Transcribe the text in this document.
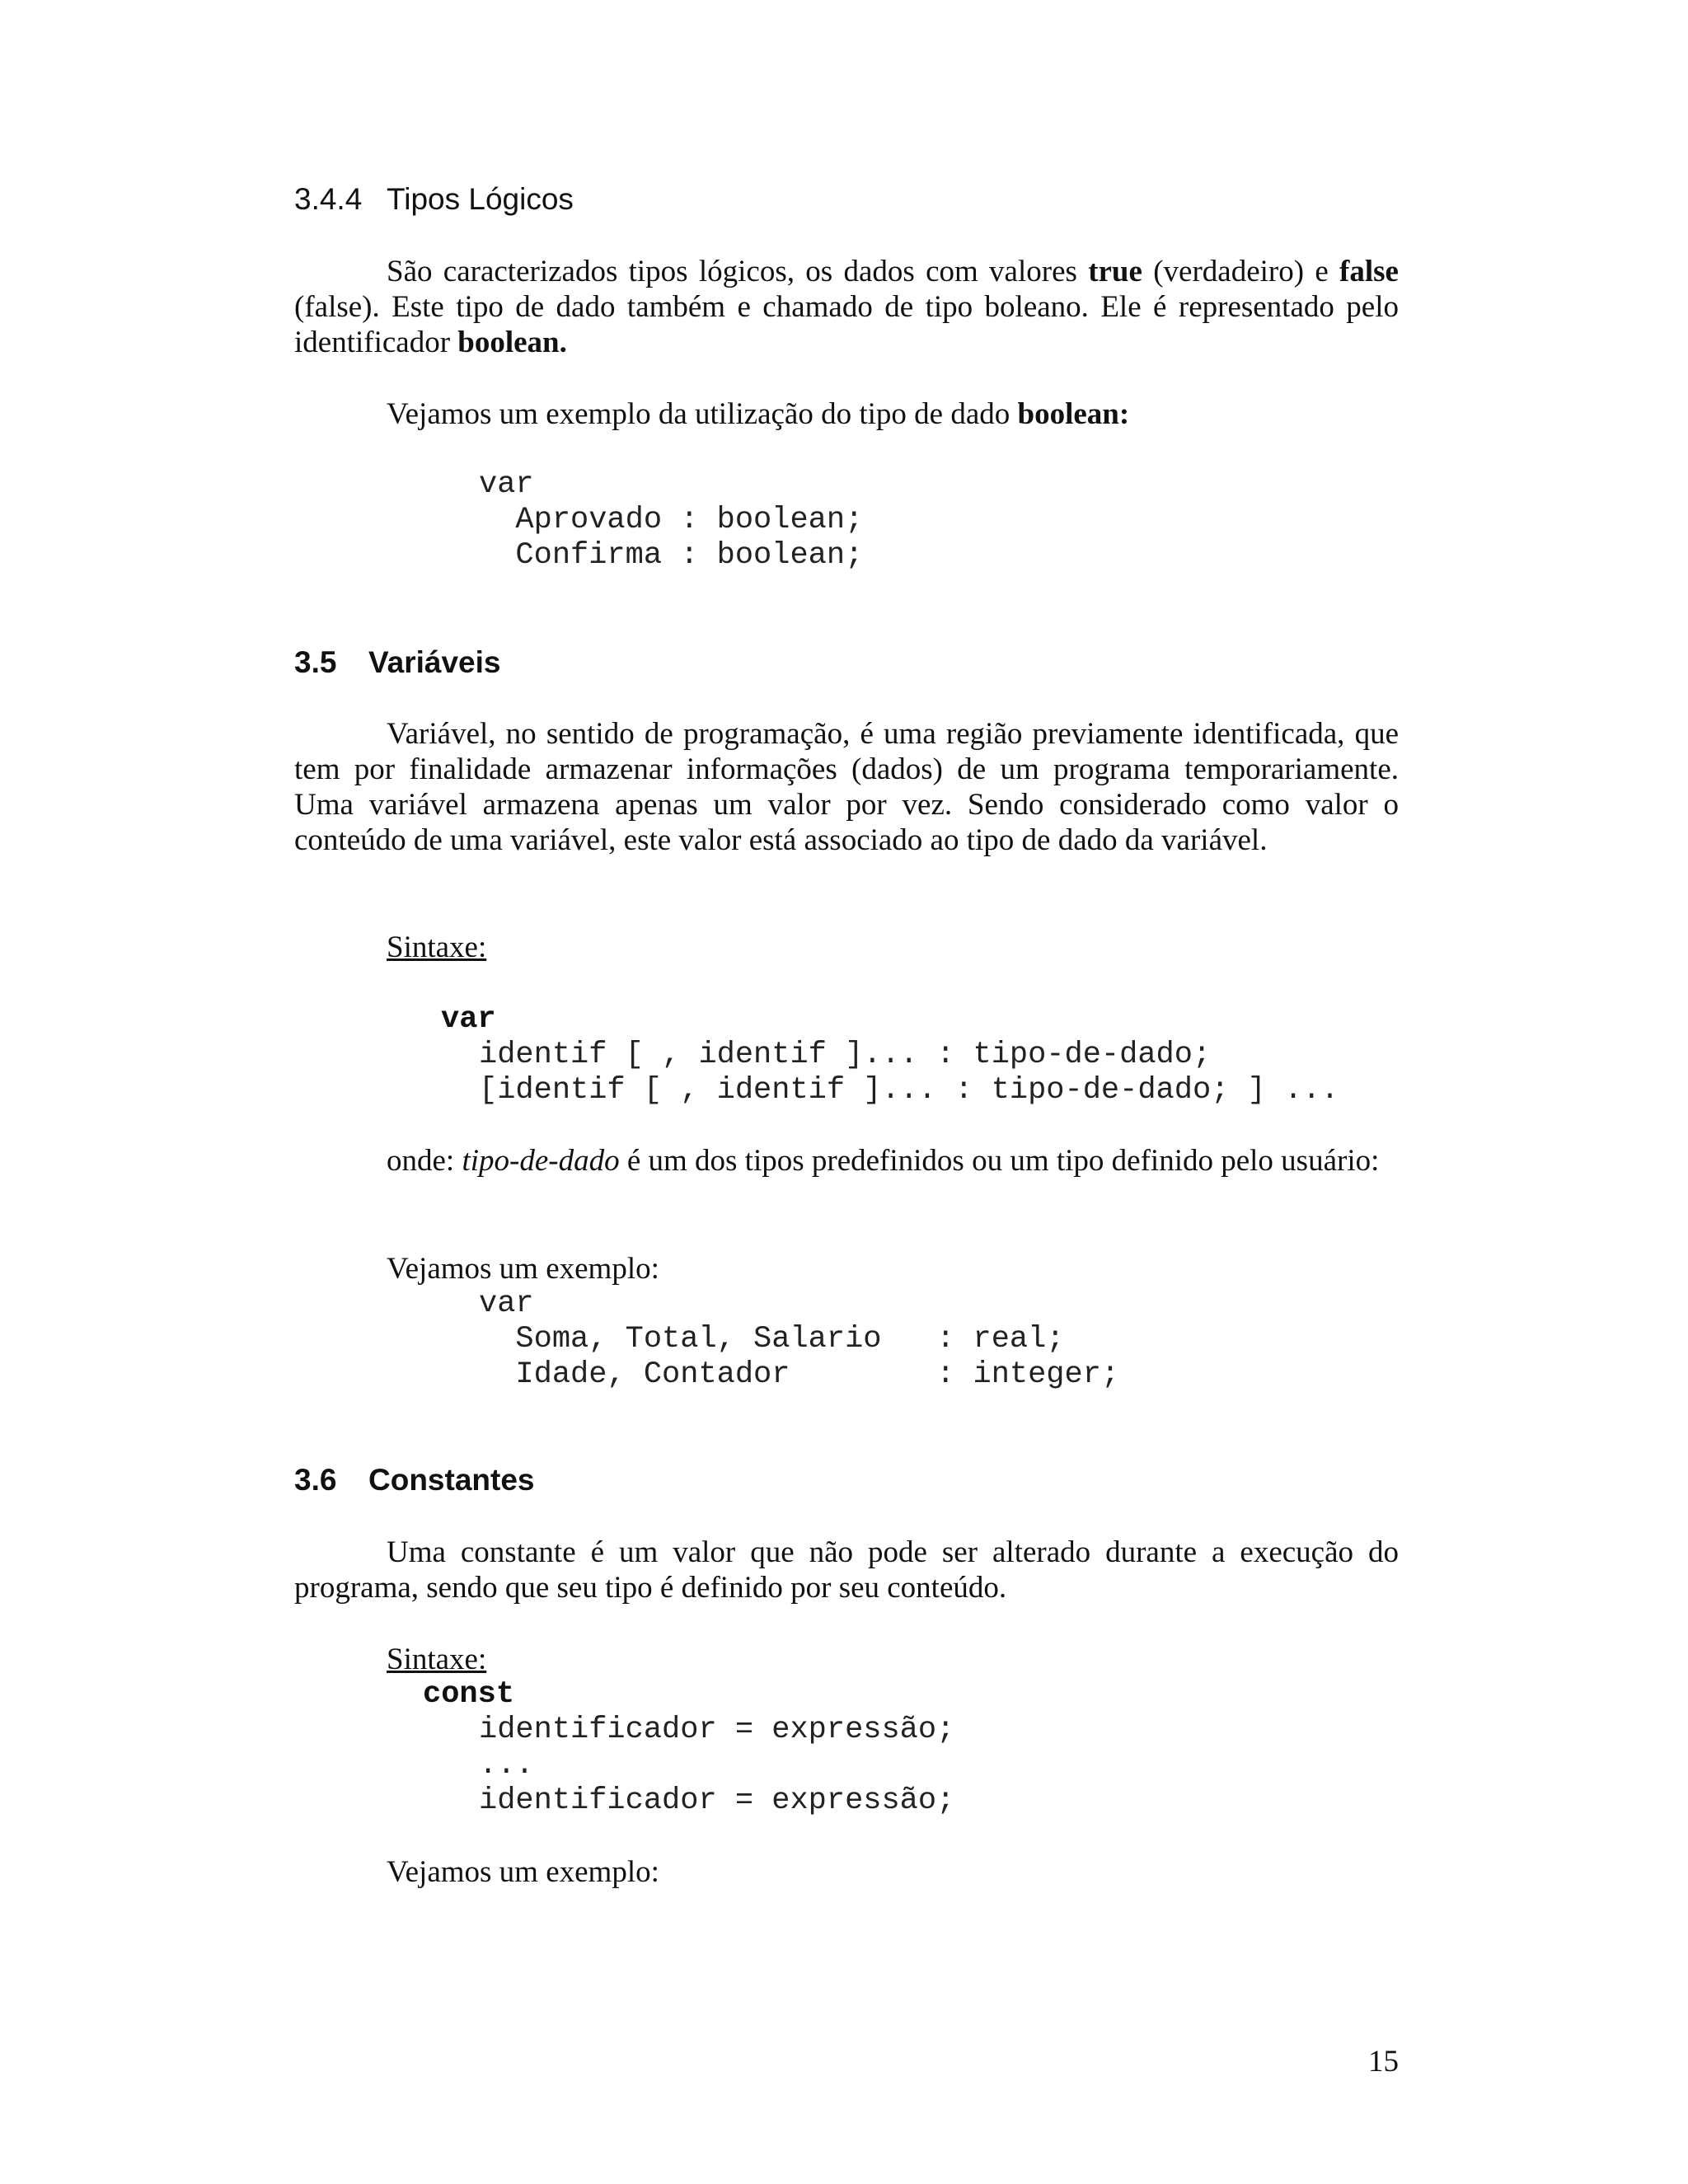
3.4.4 Tipos Lógicos

São caracterizados tipos lógicos, os dados com valores true (verdadeiro) e false (false). Este tipo de dado também e chamado de tipo boleano. Ele é representado pelo identificador boolean.

Vejamos um exemplo da utilização do tipo de dado boolean:

var
Aprovado : boolean;
Confirma : boolean;
3.5 Variáveis

Variável, no sentido de programação, é uma região previamente identificada, que tem por finalidade armazenar informações (dados) de um programa temporariamente. Uma variável armazena apenas um valor por vez. Sendo considerado como valor o conteúdo de uma variável, este valor está associado ao tipo de dado da variável.

Sintaxe:

var
identif [ , identif ]... : tipo-de-dado;
[identif [ , identif ]... : tipo-de-dado; ] ...

onde: tipo-de-dado é um dos tipos predefinidos ou um tipo definido pelo usuário:

Vejamos um exemplo:

var
Soma, Total, Salario   : real;
Idade, Contador        : integer;
3.6 Constantes

Uma constante é um valor que não pode ser alterado durante a execução do programa, sendo que seu tipo é definido por seu conteúdo.

Sintaxe:

const
identificador = expressão;
...
identificador = expressão;

Vejamos um exemplo:

15
